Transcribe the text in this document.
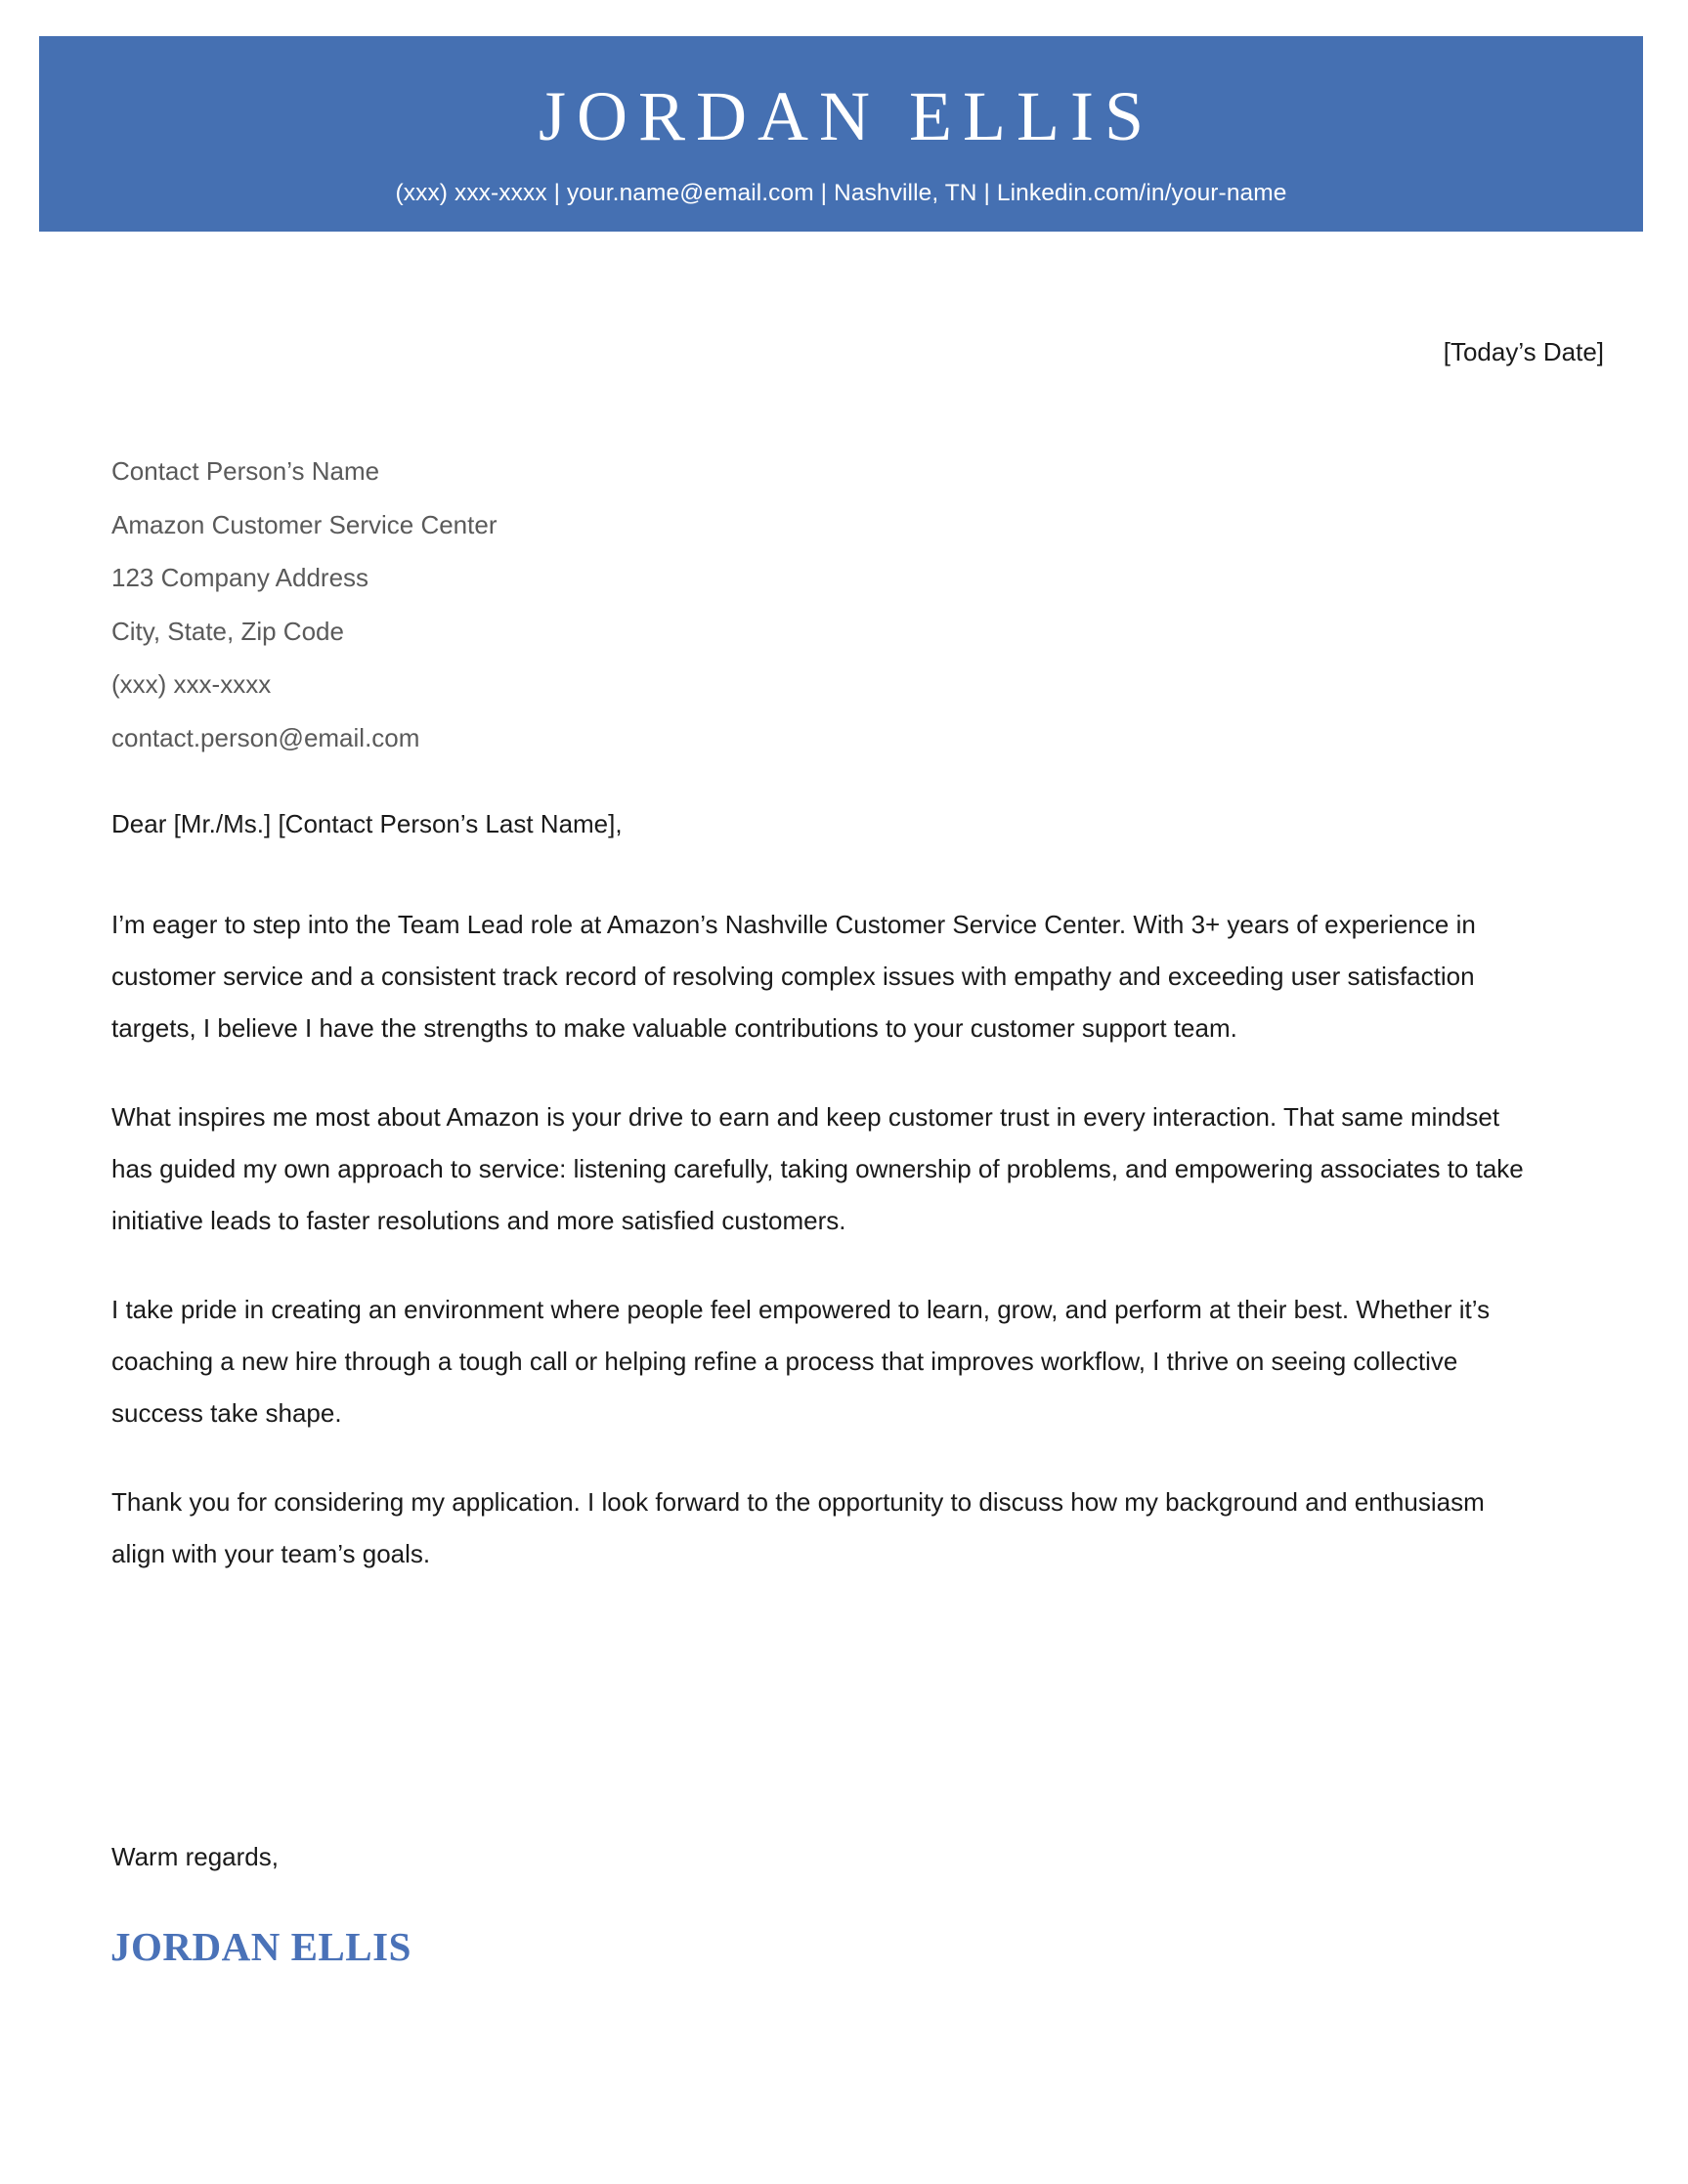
JORDAN ELLIS
(xxx) xxx-xxxx | your.name@email.com | Nashville, TN | Linkedin.com/in/your-name
[Today’s Date]
Contact Person’s Name
Amazon Customer Service Center
123 Company Address
City, State, Zip Code
(xxx) xxx-xxxx
contact.person@email.com
Dear [Mr./Ms.] [Contact Person’s Last Name],

I’m eager to step into the Team Lead role at Amazon’s Nashville Customer Service Center. With 3+ years of experience in customer service and a consistent track record of resolving complex issues with empathy and exceeding user satisfaction targets, I believe I have the strengths to make valuable contributions to your customer support team.

What inspires me most about Amazon is your drive to earn and keep customer trust in every interaction. That same mindset has guided my own approach to service: listening carefully, taking ownership of problems, and empowering associates to take initiative leads to faster resolutions and more satisfied customers.

I take pride in creating an environment where people feel empowered to learn, grow, and perform at their best. Whether it’s coaching a new hire through a tough call or helping refine a process that improves workflow, I thrive on seeing collective success take shape.

Thank you for considering my application. I look forward to the opportunity to discuss how my background and enthusiasm align with your team’s goals.

Warm regards,
JORDAN ELLIS
